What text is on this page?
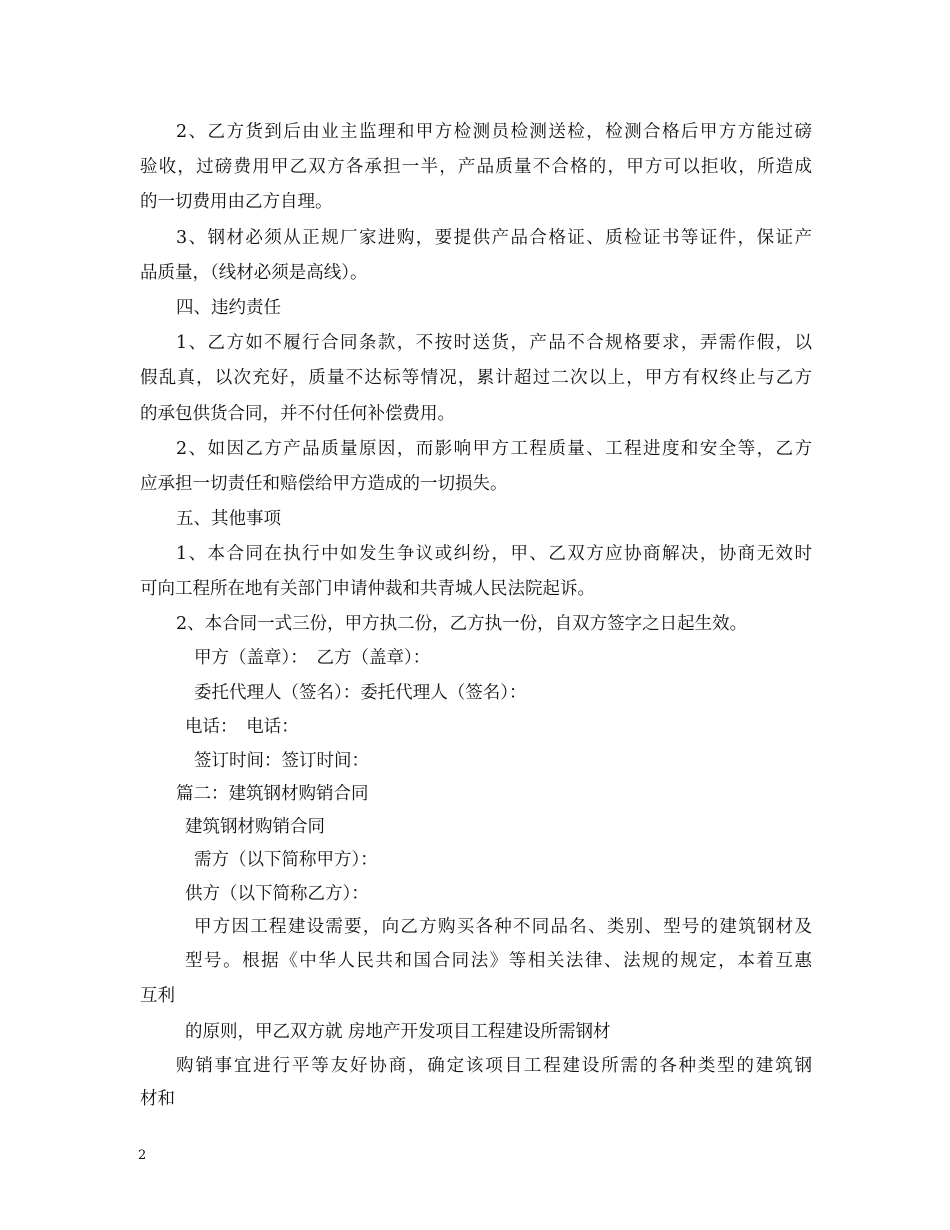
2、乙方货到后由业主监理和甲方检测员检测送检，检测合格后甲方方能过磅
验收，过磅费用甲乙双方各承担一半，产品质量不合格的，甲方可以拒收，所造成
的一切费用由乙方自理。
3、钢材必须从正规厂家进购，要提供产品合格证、质检证书等证件，保证产
品质量，（线材必须是高线）。
四、违约责任
1、乙方如不履行合同条款，不按时送货，产品不合规格要求，弄需作假，以
假乱真，以次充好，质量不达标等情况，累计超过二次以上，甲方有权终止与乙方
的承包供货合同，并不付任何补偿费用。
2、如因乙方产品质量原因，而影响甲方工程质量、工程进度和安全等，乙方
应承担一切责任和赔偿给甲方造成的一切损失。
五、其他事项
1、本合同在执行中如发生争议或纠纷，甲、乙双方应协商解决，协商无效时
可向工程所在地有关部门申请仲裁和共青城人民法院起诉。
2、本合同一式三份，甲方执二份，乙方执一份，自双方签字之日起生效。
甲方（盖章）：　乙方（盖章）：
委托代理人（签名）：委托代理人（签名）：
电话：　电话：
签订时间：签订时间：
篇二：建筑钢材购销合同
建筑钢材购销合同
需方（以下简称甲方）：
供方（以下简称乙方）：
甲方因工程建设需要，向乙方购买各种不同品名、类别、型号的建筑钢材及
型号。根据《中华人民共和国合同法》等相关法律、法规的规定，本着互惠
互利
的原则，甲乙双方就 房地产开发项目工程建设所需钢材
购销事宜进行平等友好协商，确定该项目工程建设所需的各种类型的建筑钢
材和
2
